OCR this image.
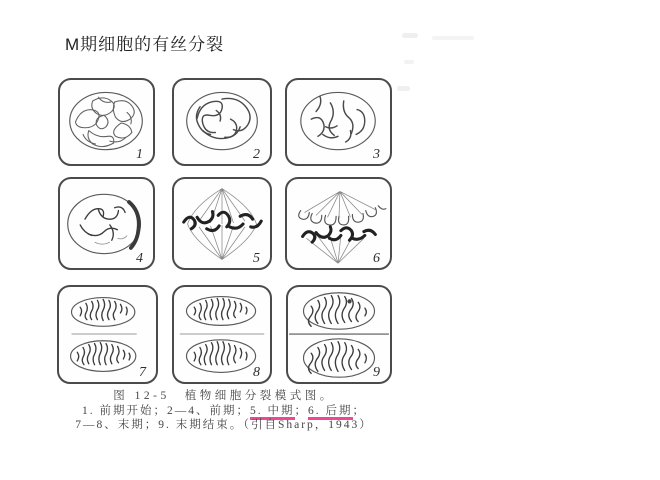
M期细胞的有丝分裂
1	2	3
4	5	6
7	8	9
图 12-5　植物细胞分裂模式图。
1. 前期开始；2—4、前期；5. 中期；6. 后期；
7—8、末期；9. 末期结束。（引自Sharp，1943）
